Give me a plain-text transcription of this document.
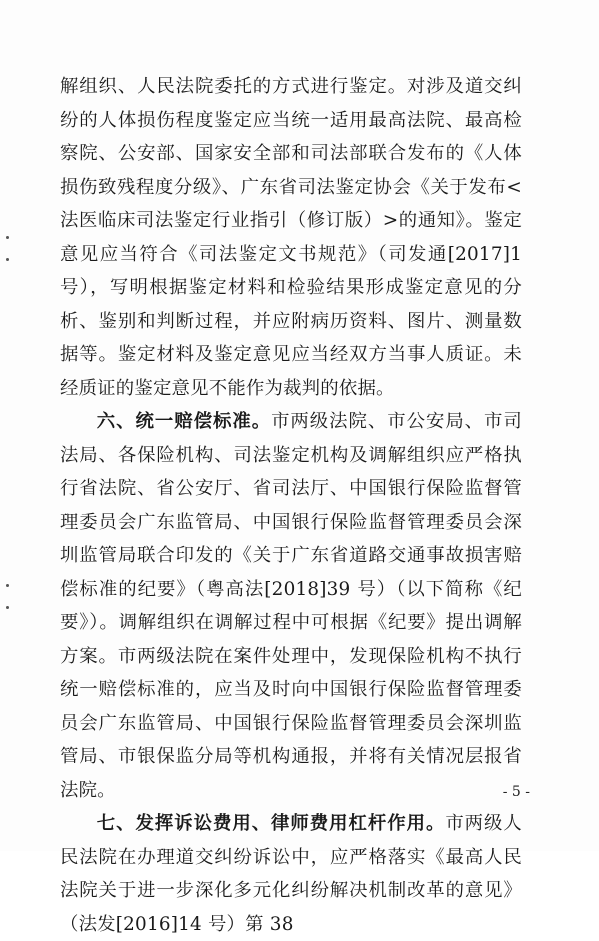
解组织、人民法院委托的方式进行鉴定。对涉及道交纠纷的人体损伤程度鉴定应当统一适用最高法院、最高检察院、公安部、国家安全部和司法部联合发布的《人体损伤致残程度分级》、广东省司法鉴定协会《关于发布<法医临床司法鉴定行业指引（修订版）>的通知》。鉴定意见应当符合《司法鉴定文书规范》（司发通[2017]1 号），写明根据鉴定材料和检验结果形成鉴定意见的分析、鉴别和判断过程，并应附病历资料、图片、测量数据等。鉴定材料及鉴定意见应当经双方当事人质证。未经质证的鉴定意见不能作为裁判的依据。

六、统一赔偿标准。市两级法院、市公安局、市司法局、各保险机构、司法鉴定机构及调解组织应严格执行省法院、省公安厅、省司法厅、中国银行保险监督管理委员会广东监管局、中国银行保险监督管理委员会深圳监管局联合印发的《关于广东省道路交通事故损害赔偿标准的纪要》（粤高法[2018]39 号）（以下简称《纪要》）。调解组织在调解过程中可根据《纪要》提出调解方案。市两级法院在案件处理中，发现保险机构不执行统一赔偿标准的，应当及时向中国银行保险监督管理委员会广东监管局、中国银行保险监督管理委员会深圳监管局、市银保监分局等机构通报，并将有关情况层报省法院。

七、发挥诉讼费用、律师费用杠杆作用。市两级人民法院在办理道交纠纷诉讼中，应严格落实《最高人民法院关于进一步深化多元化纠纷解决机制改革的意见》（法发[2016]14 号）第 38

- 5 -
